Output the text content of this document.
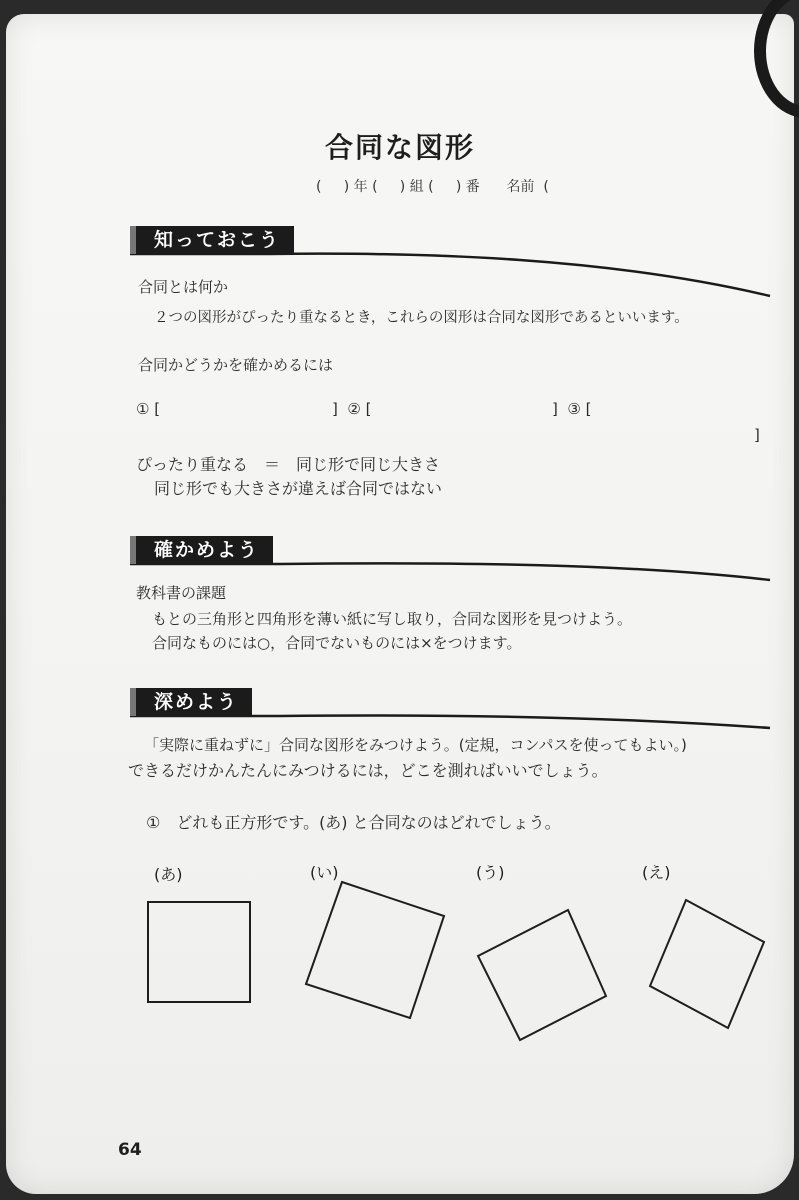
合同な図形
(     ) 年 (     ) 組 (     ) 番      名前  (
知っておこう
合同とは何か
２つの図形がぴったり重なるとき，これらの図形は合同な図形であるといいます。
合同かどうかを確かめるには
① [	]  ② [	]  ③ [
]
ぴったり重なる　＝　同じ形で同じ大きさ
同じ形でも大きさが違えば合同ではない
確かめよう
教科書の課題
もとの三角形と四角形を薄い紙に写し取り，合同な図形を見つけよう。
合同なものには○，合同でないものには×をつけます。
深めよう
「実際に重ねずに」合同な図形をみつけよう。(定規，コンパスを使ってもよい。)
できるだけかんたんにみつけるには，どこを測ればいいでしょう。
①　どれも正方形です。(あ) と合同なのはどれでしょう。
(あ)	(い)	(う)	(え)
64
